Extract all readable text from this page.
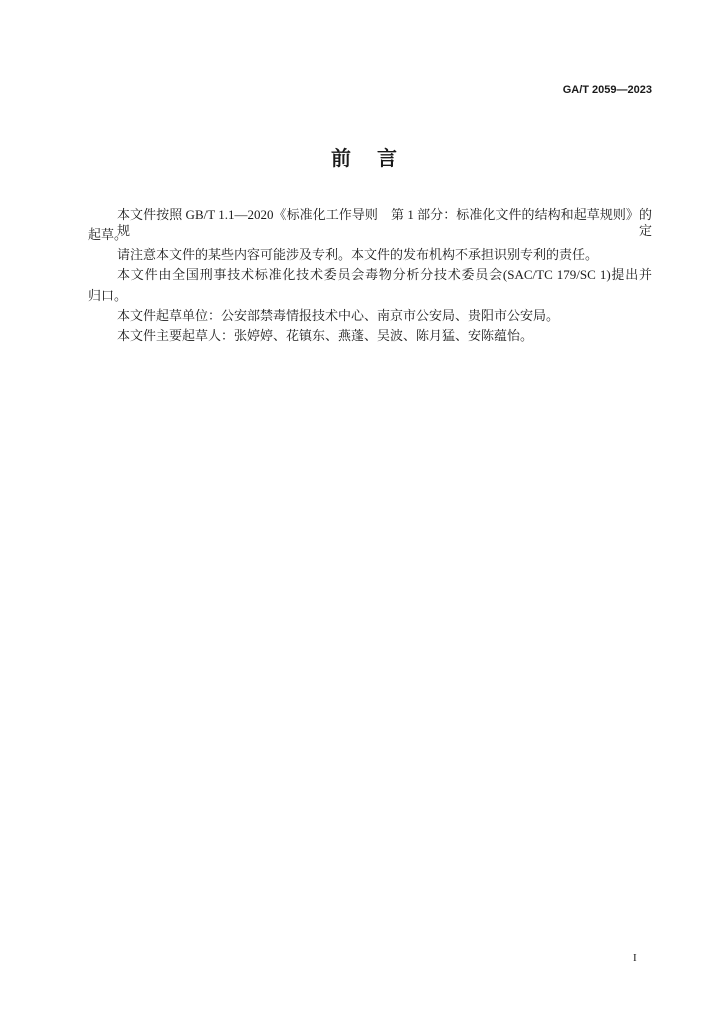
GA/T 2059—2023
前言
本文件按照 GB/T 1.1—2020《标准化工作导则　第 1 部分：标准化文件的结构和起草规则》的规定
起草。
请注意本文件的某些内容可能涉及专利。本文件的发布机构不承担识别专利的责任。
本文件由全国刑事技术标准化技术委员会毒物分析分技术委员会(SAC/TC 179/SC 1)提出并
归口。
本文件起草单位：公安部禁毒情报技术中心、南京市公安局、贵阳市公安局。
本文件主要起草人：张婷婷、花镇东、燕蓬、吴波、陈月猛、安陈蕴怡。
I
